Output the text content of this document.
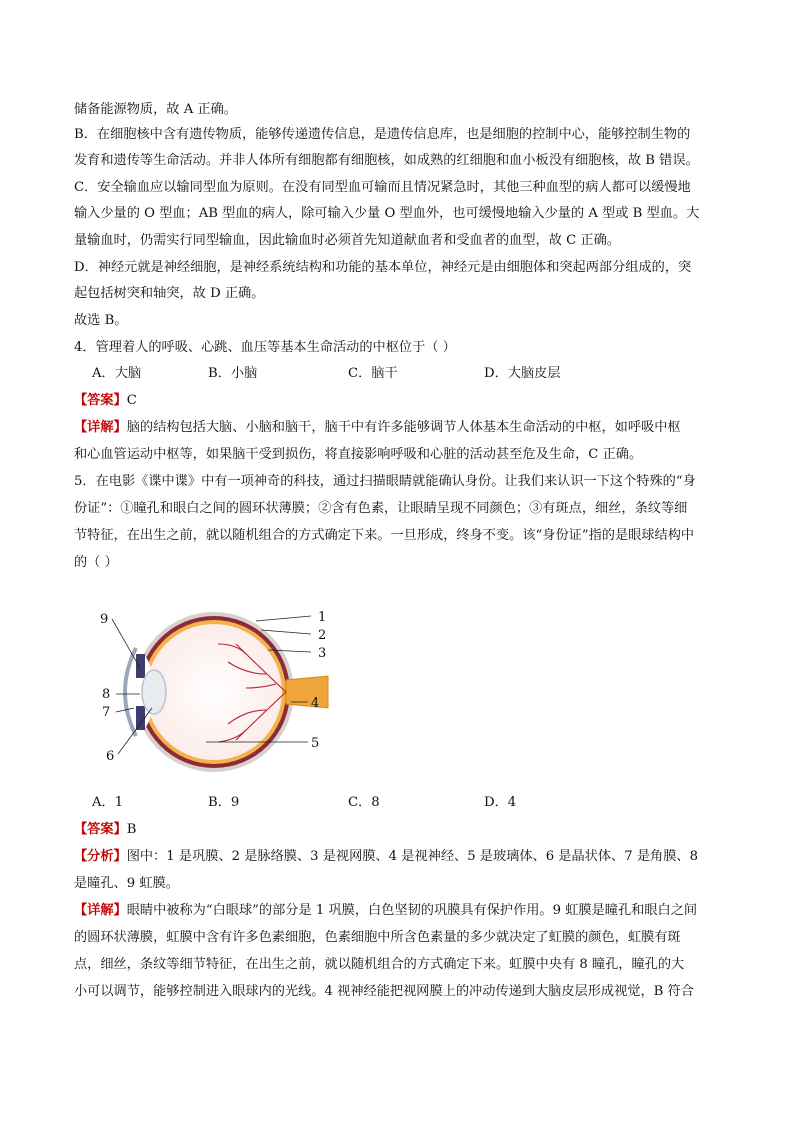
储备能源物质，故 A 正确。
B．在细胞核中含有遗传物质，能够传递遗传信息，是遗传信息库，也是细胞的控制中心，能够控制生物的
发育和遗传等生命活动。并非人体所有细胞都有细胞核，如成熟的红细胞和血小板没有细胞核，故 B 错误。
C．安全输血应以输同型血为原则。在没有同型血可输而且情况紧急时，其他三种血型的病人都可以缓慢地
输入少量的 O 型血；AB 型血的病人，除可输入少量 O 型血外，也可缓慢地输入少量的 A 型或 B 型血。大
量输血时，仍需实行同型输血，因此输血时必须首先知道献血者和受血者的血型，故 C 正确。
D．神经元就是神经细胞，是神经系统结构和功能的基本单位，神经元是由细胞体和突起两部分组成的，突
起包括树突和轴突，故 D 正确。
故选 B。
4．管理着人的呼吸、心跳、血压等基本生命活动的中枢位于（ ）
A．大脑	B．小脑	C．脑干	D．大脑皮层
【答案】C
【详解】脑的结构包括大脑、小脑和脑干，脑干中有许多能够调节人体基本生命活动的中枢，如呼吸中枢
和心血管运动中枢等，如果脑干受到损伤，将直接影响呼吸和心脏的活动甚至危及生命，C 正确。
5．在电影《谍中谍》中有一项神奇的科技，通过扫描眼睛就能确认身份。让我们来认识一下这个特殊的“身
份证”：①瞳孔和眼白之间的圆环状薄膜；②含有色素，让眼睛呈现不同颜色；③有斑点，细丝，条纹等细
节特征，在出生之前，就以随机组合的方式确定下来。一旦形成，终身不变。该“身份证”指的是眼球结构中
的（ ）
1
2
3
4
5
6
7
8
9
A．1	B．9	C．8	D．4
【答案】B
【分析】图中：1 是巩膜、2 是脉络膜、3 是视网膜、4 是视神经、5 是玻璃体、6 是晶状体、7 是角膜、8
是瞳孔、9 虹膜。
【详解】眼睛中被称为“白眼球”的部分是 1 巩膜，白色坚韧的巩膜具有保护作用。9 虹膜是瞳孔和眼白之间
的圆环状薄膜，虹膜中含有许多色素细胞，色素细胞中所含色素量的多少就决定了虹膜的颜色，虹膜有斑
点，细丝，条纹等细节特征，在出生之前，就以随机组合的方式确定下来。虹膜中央有 8 瞳孔，瞳孔的大
小可以调节，能够控制进入眼球内的光线。4 视神经能把视网膜上的冲动传递到大脑皮层形成视觉，B 符合
